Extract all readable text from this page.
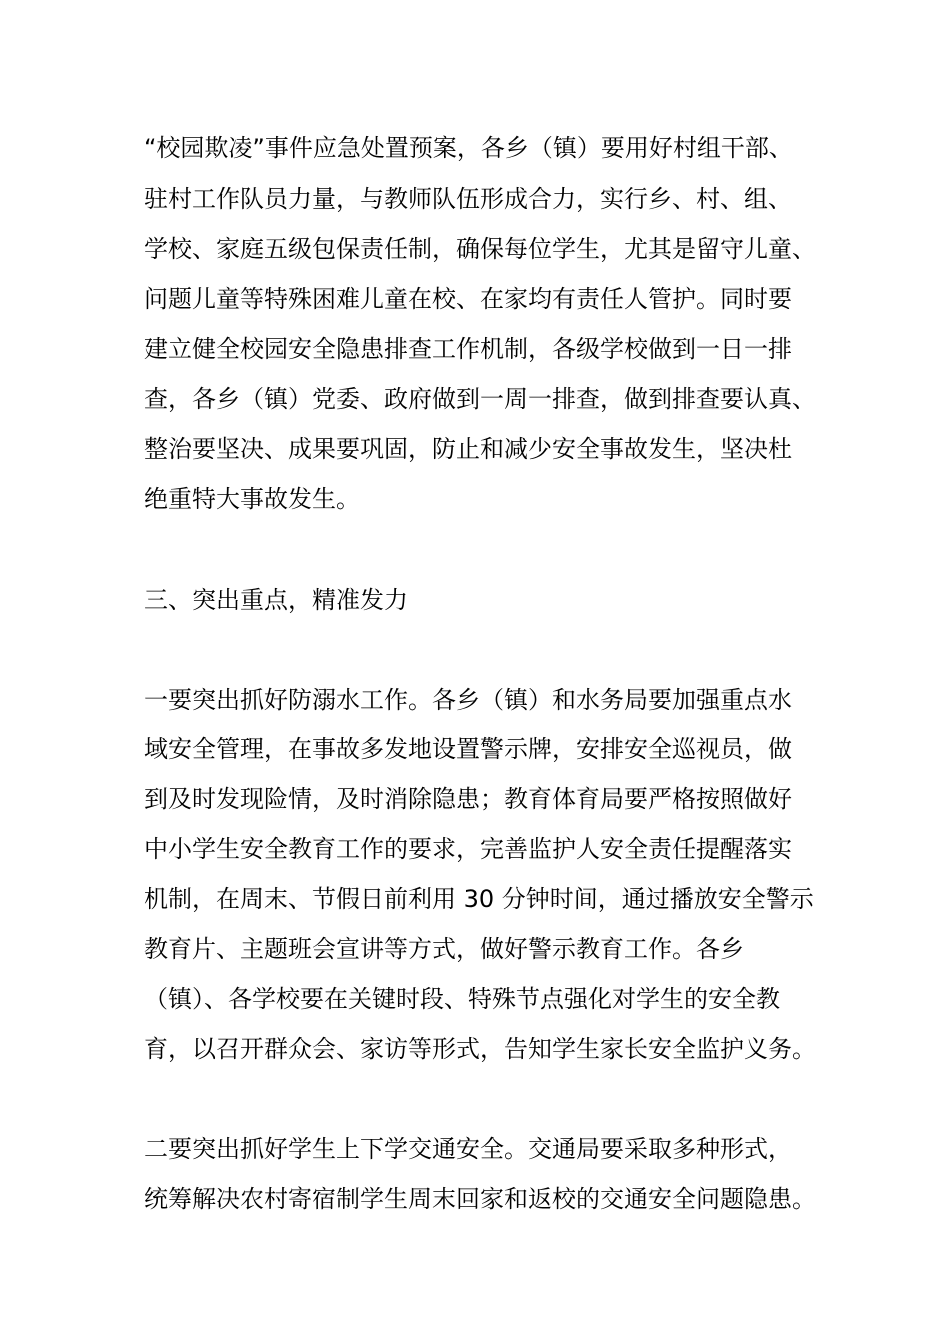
“校园欺凌”事件应急处置预案，各乡（镇）要用好村组干部、
驻村工作队员力量，与教师队伍形成合力，实行乡、村、组、
学校、家庭五级包保责任制，确保每位学生，尤其是留守儿童、
问题儿童等特殊困难儿童在校、在家均有责任人管护。同时要
建立健全校园安全隐患排查工作机制，各级学校做到一日一排
查，各乡（镇）党委、政府做到一周一排查，做到排查要认真、
整治要坚决、成果要巩固，防止和减少安全事故发生，坚决杜
绝重特大事故发生。
三、突出重点，精准发力
一要突出抓好防溺水工作。各乡（镇）和水务局要加强重点水
域安全管理，在事故多发地设置警示牌，安排安全巡视员，做
到及时发现险情，及时消除隐患；教育体育局要严格按照做好
中小学生安全教育工作的要求，完善监护人安全责任提醒落实
机制，在周末、节假日前利用 30 分钟时间，通过播放安全警示
教育片、主题班会宣讲等方式，做好警示教育工作。各乡
（镇）、各学校要在关键时段、特殊节点强化对学生的安全教
育，以召开群众会、家访等形式，告知学生家长安全监护义务。
二要突出抓好学生上下学交通安全。交通局要采取多种形式，
统筹解决农村寄宿制学生周末回家和返校的交通安全问题隐患。
